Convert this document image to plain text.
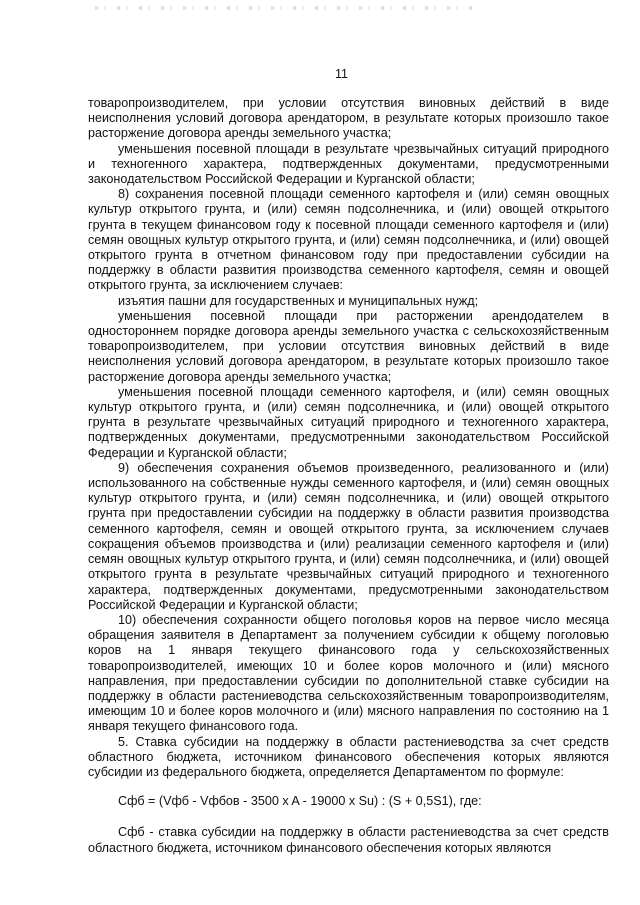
11

товаропроизводителем, при условии отсутствия виновных действий в виде неисполнения условий договора арендатором, в результате которых произошло такое расторжение договора аренды земельного участка;

уменьшения посевной площади в результате чрезвычайных ситуаций природного и техногенного характера, подтвержденных документами, предусмотренными законодательством Российской Федерации и Курганской области;

8) сохранения посевной площади семенного картофеля и (или) семян овощных культур открытого грунта, и (или) семян подсолнечника, и (или) овощей открытого грунта в текущем финансовом году к посевной площади семенного картофеля и (или) семян овощных культур открытого грунта, и (или) семян подсолнечника, и (или) овощей открытого грунта в отчетном финансовом году при предоставлении субсидии на поддержку в области развития производства семенного картофеля, семян и овощей открытого грунта, за исключением случаев:

изъятия пашни для государственных и муниципальных нужд;

уменьшения посевной площади при расторжении арендодателем в одностороннем порядке договора аренды земельного участка с сельскохозяйственным товаропроизводителем, при условии отсутствия виновных действий в виде неисполнения условий договора арендатором, в результате которых произошло такое расторжение договора аренды земельного участка;

уменьшения посевной площади семенного картофеля, и (или) семян овощных культур открытого грунта, и (или) семян подсолнечника, и (или) овощей открытого грунта в результате чрезвычайных ситуаций природного и техногенного характера, подтвержденных документами, предусмотренными законодательством Российской Федерации и Курганской области;

9) обеспечения сохранения объемов произведенного, реализованного и (или) использованного на собственные нужды семенного картофеля, и (или) семян овощных культур открытого грунта, и (или) семян подсолнечника, и (или) овощей открытого грунта при предоставлении субсидии на поддержку в области развития производства семенного картофеля, семян и овощей открытого грунта, за исключением случаев сокращения объемов производства и (или) реализации семенного картофеля и (или) семян овощных культур открытого грунта, и (или) семян подсолнечника, и (или) овощей открытого грунта в результате чрезвычайных ситуаций природного и техногенного характера, подтвержденных документами, предусмотренными законодательством Российской Федерации и Курганской области;

10) обеспечения сохранности общего поголовья коров на первое число месяца обращения заявителя в Департамент за получением субсидии к общему поголовью коров на 1 января текущего финансового года у сельскохозяйственных товаропроизводителей, имеющих 10 и более коров молочного и (или) мясного направления, при предоставлении субсидии по дополнительной ставке субсидии на поддержку в области растениеводства сельскохозяйственным товаропроизводителям, имеющим 10 и более коров молочного и (или) мясного направления по состоянию на 1 января текущего финансового года.

5. Ставка субсидии на поддержку в области растениеводства за счет средств областного бюджета, источником финансового обеспечения которых являются субсидии из федерального бюджета, определяется Департаментом по формуле:

Сфб = (Vфб - Vфбов - 3500 x A - 19000 x Su) : (S + 0,5S1), где:

Сфб - ставка субсидии на поддержку в области растениеводства за счет средств областного бюджета, источником финансового обеспечения которых являются
